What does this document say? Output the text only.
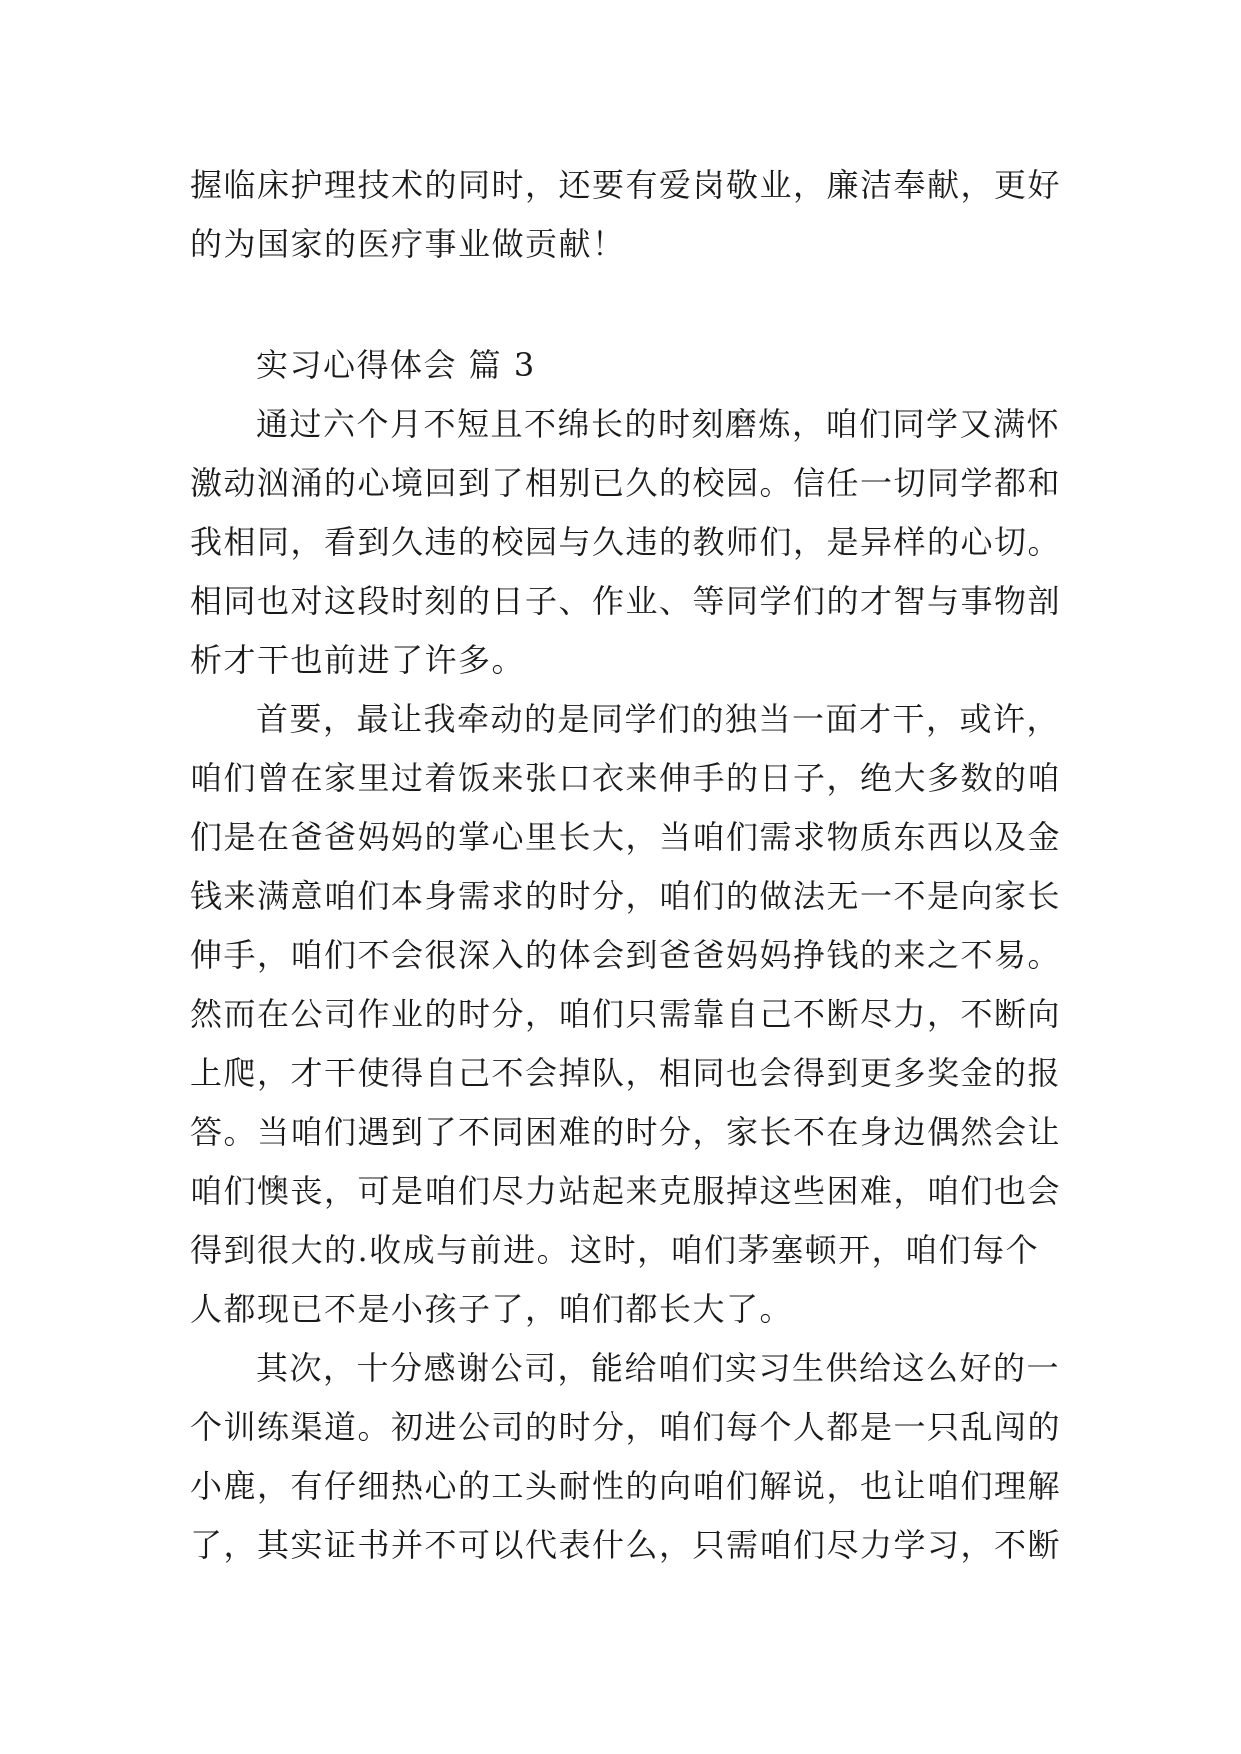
握临床护理技术的同时，还要有爱岗敬业，廉洁奉献，更好
的为国家的医疗事业做贡献！
实习心得体会 篇 3
通过六个月不短且不绵长的时刻磨炼，咱们同学又满怀
激动汹涌的心境回到了相别已久的校园。信任一切同学都和
我相同，看到久违的校园与久违的教师们，是异样的心切。
相同也对这段时刻的日子、作业、等同学们的才智与事物剖
析才干也前进了许多。
首要，最让我牵动的是同学们的独当一面才干，或许，
咱们曾在家里过着饭来张口衣来伸手的日子，绝大多数的咱
们是在爸爸妈妈的掌心里长大，当咱们需求物质东西以及金
钱来满意咱们本身需求的时分，咱们的做法无一不是向家长
伸手，咱们不会很深入的体会到爸爸妈妈挣钱的来之不易。
然而在公司作业的时分，咱们只需靠自己不断尽力，不断向
上爬，才干使得自己不会掉队，相同也会得到更多奖金的报
答。当咱们遇到了不同困难的时分，家长不在身边偶然会让
咱们懊丧，可是咱们尽力站起来克服掉这些困难，咱们也会
得到很大的.收成与前进。这时，咱们茅塞顿开，咱们每个
人都现已不是小孩子了，咱们都长大了。
其次，十分感谢公司，能给咱们实习生供给这么好的一
个训练渠道。初进公司的时分，咱们每个人都是一只乱闯的
小鹿，有仔细热心的工头耐性的向咱们解说，也让咱们理解
了，其实证书并不可以代表什么，只需咱们尽力学习，不断
